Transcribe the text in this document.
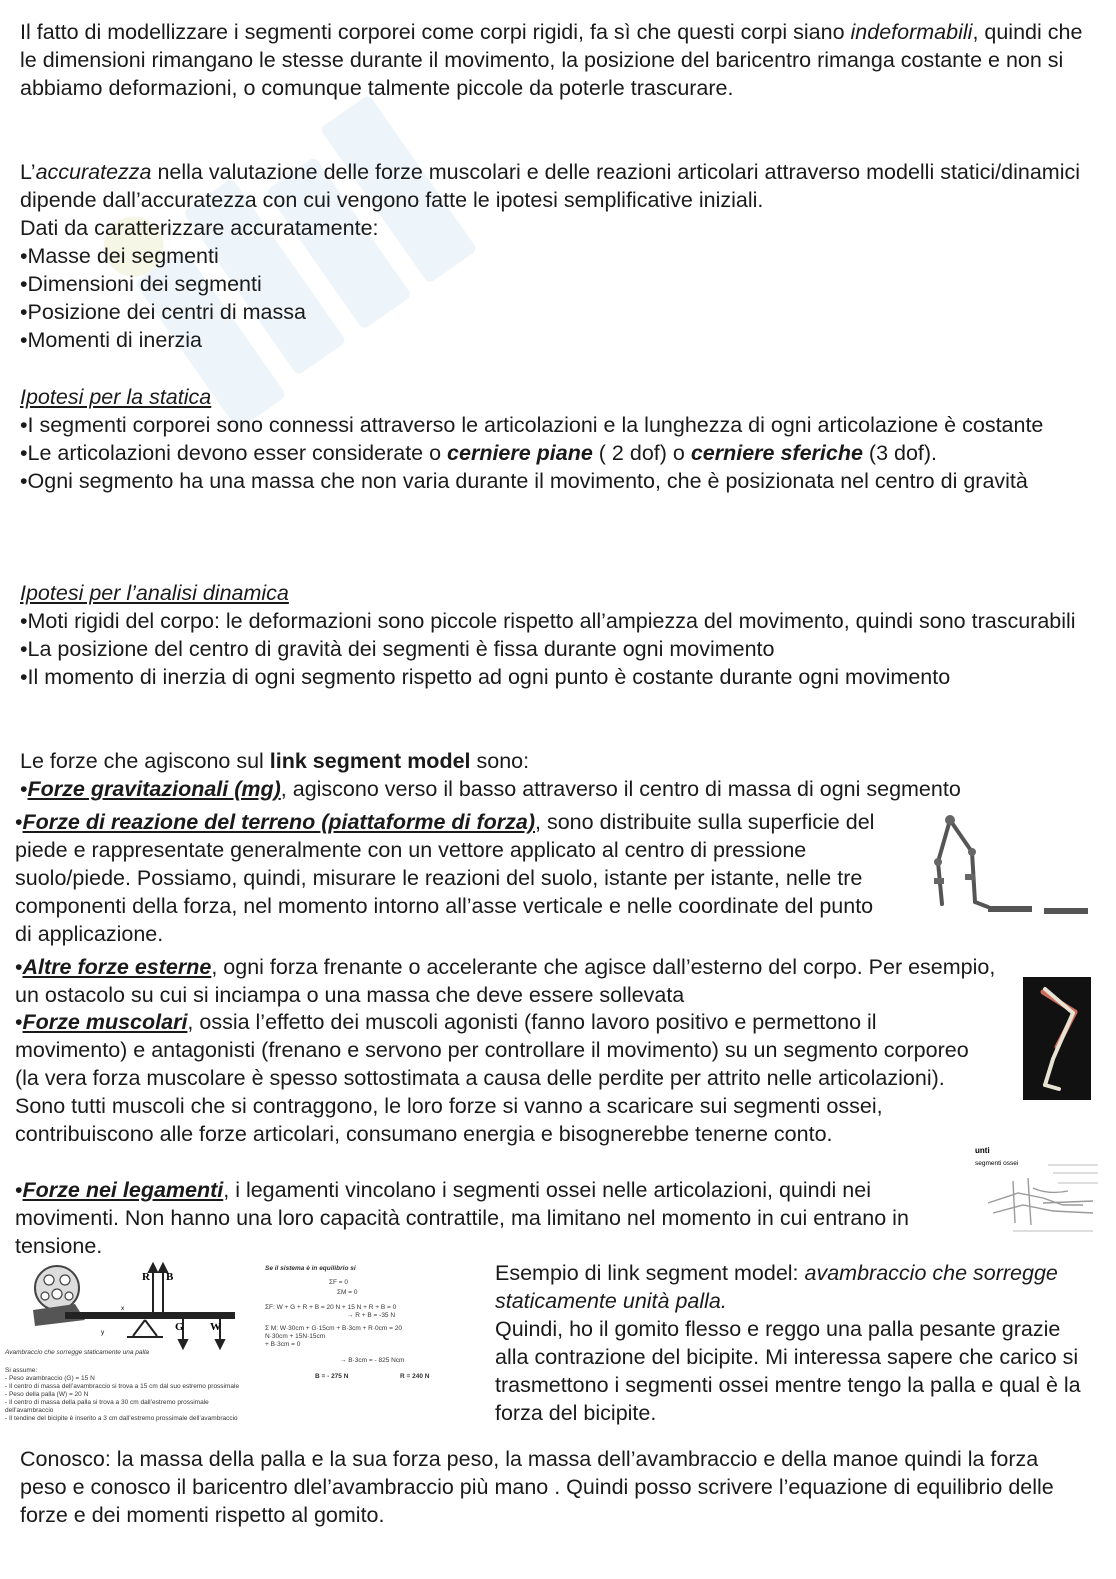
Il fatto di modellizzare i segmenti corporei come corpi rigidi, fa sì che questi corpi siano indeformabili, quindi che le dimensioni rimangano le stesse durante il movimento, la posizione del baricentro rimanga costante e non si abbiamo deformazioni, o comunque talmente piccole da poterle trascurare.

L’accuratezza nella valutazione delle forze muscolari e delle reazioni articolari attraverso modelli statici/dinamici dipende dall’accuratezza con cui vengono fatte le ipotesi semplificative iniziali.

Dati da caratterizzare accuratamente:

•Masse dei segmenti

•Dimensioni dei segmenti

•Posizione dei centri di massa

•Momenti di inerzia

Ipotesi per la statica

•I segmenti corporei sono connessi attraverso le articolazioni e la lunghezza di ogni articolazione è costante

•Le articolazioni devono esser considerate o cerniere piane ( 2 dof) o cerniere sferiche (3 dof).

•Ogni segmento ha una massa che non varia durante il movimento, che è posizionata nel centro di gravità

Ipotesi per l’analisi dinamica

•Moti rigidi del corpo: le deformazioni sono piccole rispetto all’ampiezza del movimento, quindi sono trascurabili

•La posizione del centro di gravità dei segmenti è fissa durante ogni movimento

•Il momento di inerzia di ogni segmento rispetto ad ogni punto è costante durante ogni movimento

Le forze che agiscono sul link segment model sono:

•Forze gravitazionali (mg), agiscono verso il basso attraverso il centro di massa di ogni segmento

•Forze di reazione del terreno (piattaforme di forza), sono distribuite sulla superficie del piede e rappresentate generalmente con un vettore applicato al centro di pressione suolo/piede. Possiamo, quindi, misurare le reazioni del suolo, istante per istante, nelle tre componenti della forza, nel momento intorno all’asse verticale e nelle coordinate del punto di applicazione.

•Altre forze esterne, ogni forza frenante o accelerante che agisce dall’esterno del corpo. Per esempio, un ostacolo su cui si inciampa o una massa che deve essere sollevata

•Forze muscolari, ossia l’effetto dei muscoli agonisti (fanno lavoro positivo e permettono il movimento) e antagonisti (frenano e servono per controllare il movimento) su un segmento corporeo (la vera forza muscolare è spesso sottostimata a causa delle perdite per attrito nelle articolazioni). Sono tutti muscoli che si contraggono, le loro forze si vanno a scaricare sui segmenti ossei, contribuiscono alle forze articolari, consumano energia e bisognerebbe tenerne conto.

•Forze nei legamenti, i legamenti vincolano i segmenti ossei nelle articolazioni, quindi nei movimenti. Non hanno una loro capacità contrattile, ma limitano nel momento in cui entrano in tensione.

Esempio di link segment model: avambraccio che sorregge staticamente unità palla.

Quindi, ho il gomito flesso e reggo una palla pesante grazie alla contrazione del bicipite. Mi interessa sapere che carico si trasmettono i segmenti ossei mentre tengo la palla e qual è la forza del bicipite.

Conosco: la massa della palla e la sua forza peso, la massa dell’avambraccio e della manoe quindi la forza peso e conosco il baricentro dlel’avambraccio più mano . Quindi posso scrivere l’equazione di equilibrio delle forze e dei momenti rispetto al gomito.

unti
segmenti ossei
R B
G W
y
x
Avambraccio che sorregge staticamente una palla
Si assume:
- Peso avambraccio (G) = 15 N
- Il centro di massa dell’avambraccio si trova a 15 cm dal suo estremo prossimale
- Peso della palla (W) = 20 N
- Il centro di massa della palla si trova a 30 cm dall’estremo prossimale dell’avambraccio
- Il tendine del bicipite è inserito a 3 cm dall’estremo prossimale dell’avambraccio
Se il sistema è in equilibrio si
ΣF = 0
ΣM = 0
ΣF: W + G + R + B = 20 N + 15 N + R + B = 0
→ R + B = -35 N
Σ M: W·30cm + G·15cm + B·3cm + R·0cm = 20
N·30cm + 15N·15cm
+ B·3cm = 0
→ B·3cm = - 825 Ncm
B = - 275 N	R = 240 N
